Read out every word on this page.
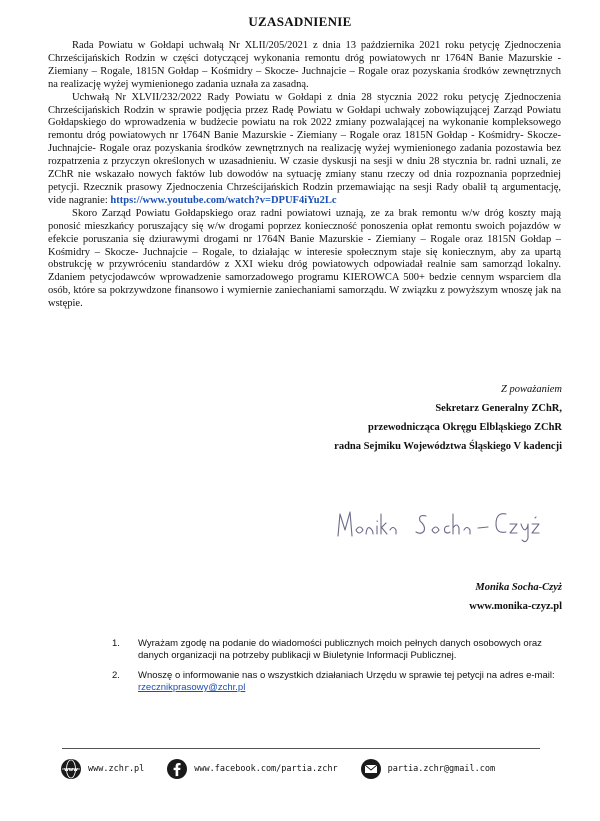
UZASADNIENIE

Rada Powiatu w Gołdapi uchwałą Nr XLII/205/2021 z dnia 13 października 2021 roku petycję Zjednoczenia Chrześcijańskich Rodzin w części dotyczącej wykonania remontu dróg powiatowych nr 1764N Banie Mazurskie -Ziemiany – Rogale, 1815N Gołdap – Kośmidry – Skocze- Juchnajcie – Rogale oraz pozyskania środków zewnętrznych na realizację wyżej wymienionego zadania uznała za zasadną.

Uchwałą Nr XLVII/232/2022 Rady Powiatu w Gołdapi z dnia 28 stycznia 2022 roku petycję Zjednoczenia Chrześcijańskich Rodzin w sprawie podjęcia przez Radę Powiatu w Gołdapi uchwały zobowiązującej Zarząd Powiatu Gołdapskiego do wprowadzenia w budżecie powiatu na rok 2022 zmiany pozwalającej na wykonanie kompleksowego remontu dróg powiatowych nr 1764N Banie Mazurskie - Ziemiany – Rogale oraz 1815N Gołdap - Kośmidry- Skocze- Juchnajcie- Rogale oraz pozyskania środków zewnętrznych na realizację wyżej wymienionego zadania pozostawia bez rozpatrzenia z przyczyn określonych w uzasadnieniu. W czasie dyskusji na sesji w dniu 28 stycznia br. radni uznali, ze ZChR nie wskazało nowych faktów lub dowodów na sytuację zmiany stanu rzeczy od dnia rozpoznania poprzedniej petycji. Rzecznik prasowy Zjednoczenia Chrześcijańskich Rodzin przemawiając na sesji Rady obalił tą argumentację, vide nagranie: https://www.youtube.com/watch?v=DPUF4iYu2Lc

Skoro Zarząd Powiatu Gołdapskiego oraz radni powiatowi uznają, ze za brak remontu w/w dróg koszty mają ponosić mieszkańcy poruszający się w/w drogami poprzez konieczność ponoszenia opłat remontu swoich pojazdów w efekcie poruszania się dziurawymi drogami nr 1764N Banie Mazurskie - Ziemiany – Rogale oraz 1815N Gołdap – Kośmidry – Skocze- Juchnajcie – Rogale, to działając w interesie społecznym staje się koniecznym, aby za upartą obstrukcję w przywróceniu standardów z XXI wieku dróg powiatowych odpowiadał realnie sam samorząd lokalny. Zdaniem petycjodawców wprowadzenie samorzadowego programu KIEROWCA 500+ bedzie cennym wsparciem dla osób, które sa pokrzywdzone finansowo i wymiernie zaniechaniami samorządu. W związku z powyższym wnoszę jak na wstępie.

Z poważaniem
Sekretarz Generalny ZChR,
przewodnicząca Okręgu Elbląskiego ZChR
radna Sejmiku Województwa Śląskiego V kadencji
Monika Socha-Czyż
www.monika-czyz.pl
1.	Wyrażam zgodę na podanie do wiadomości publicznych moich pełnych danych osobowych oraz danych organizacji na potrzeby publikacji w Biuletynie Informacji Publicznej.
2.	Wnoszę o informowanie nas o wszystkich działaniach Urzędu w sprawie tej petycji na adres e-mail: rzecznikprasowy@zchr.pl
www www.zchr.pl	www.facebook.com/partia.zchr	partia.zchr@gmail.com
